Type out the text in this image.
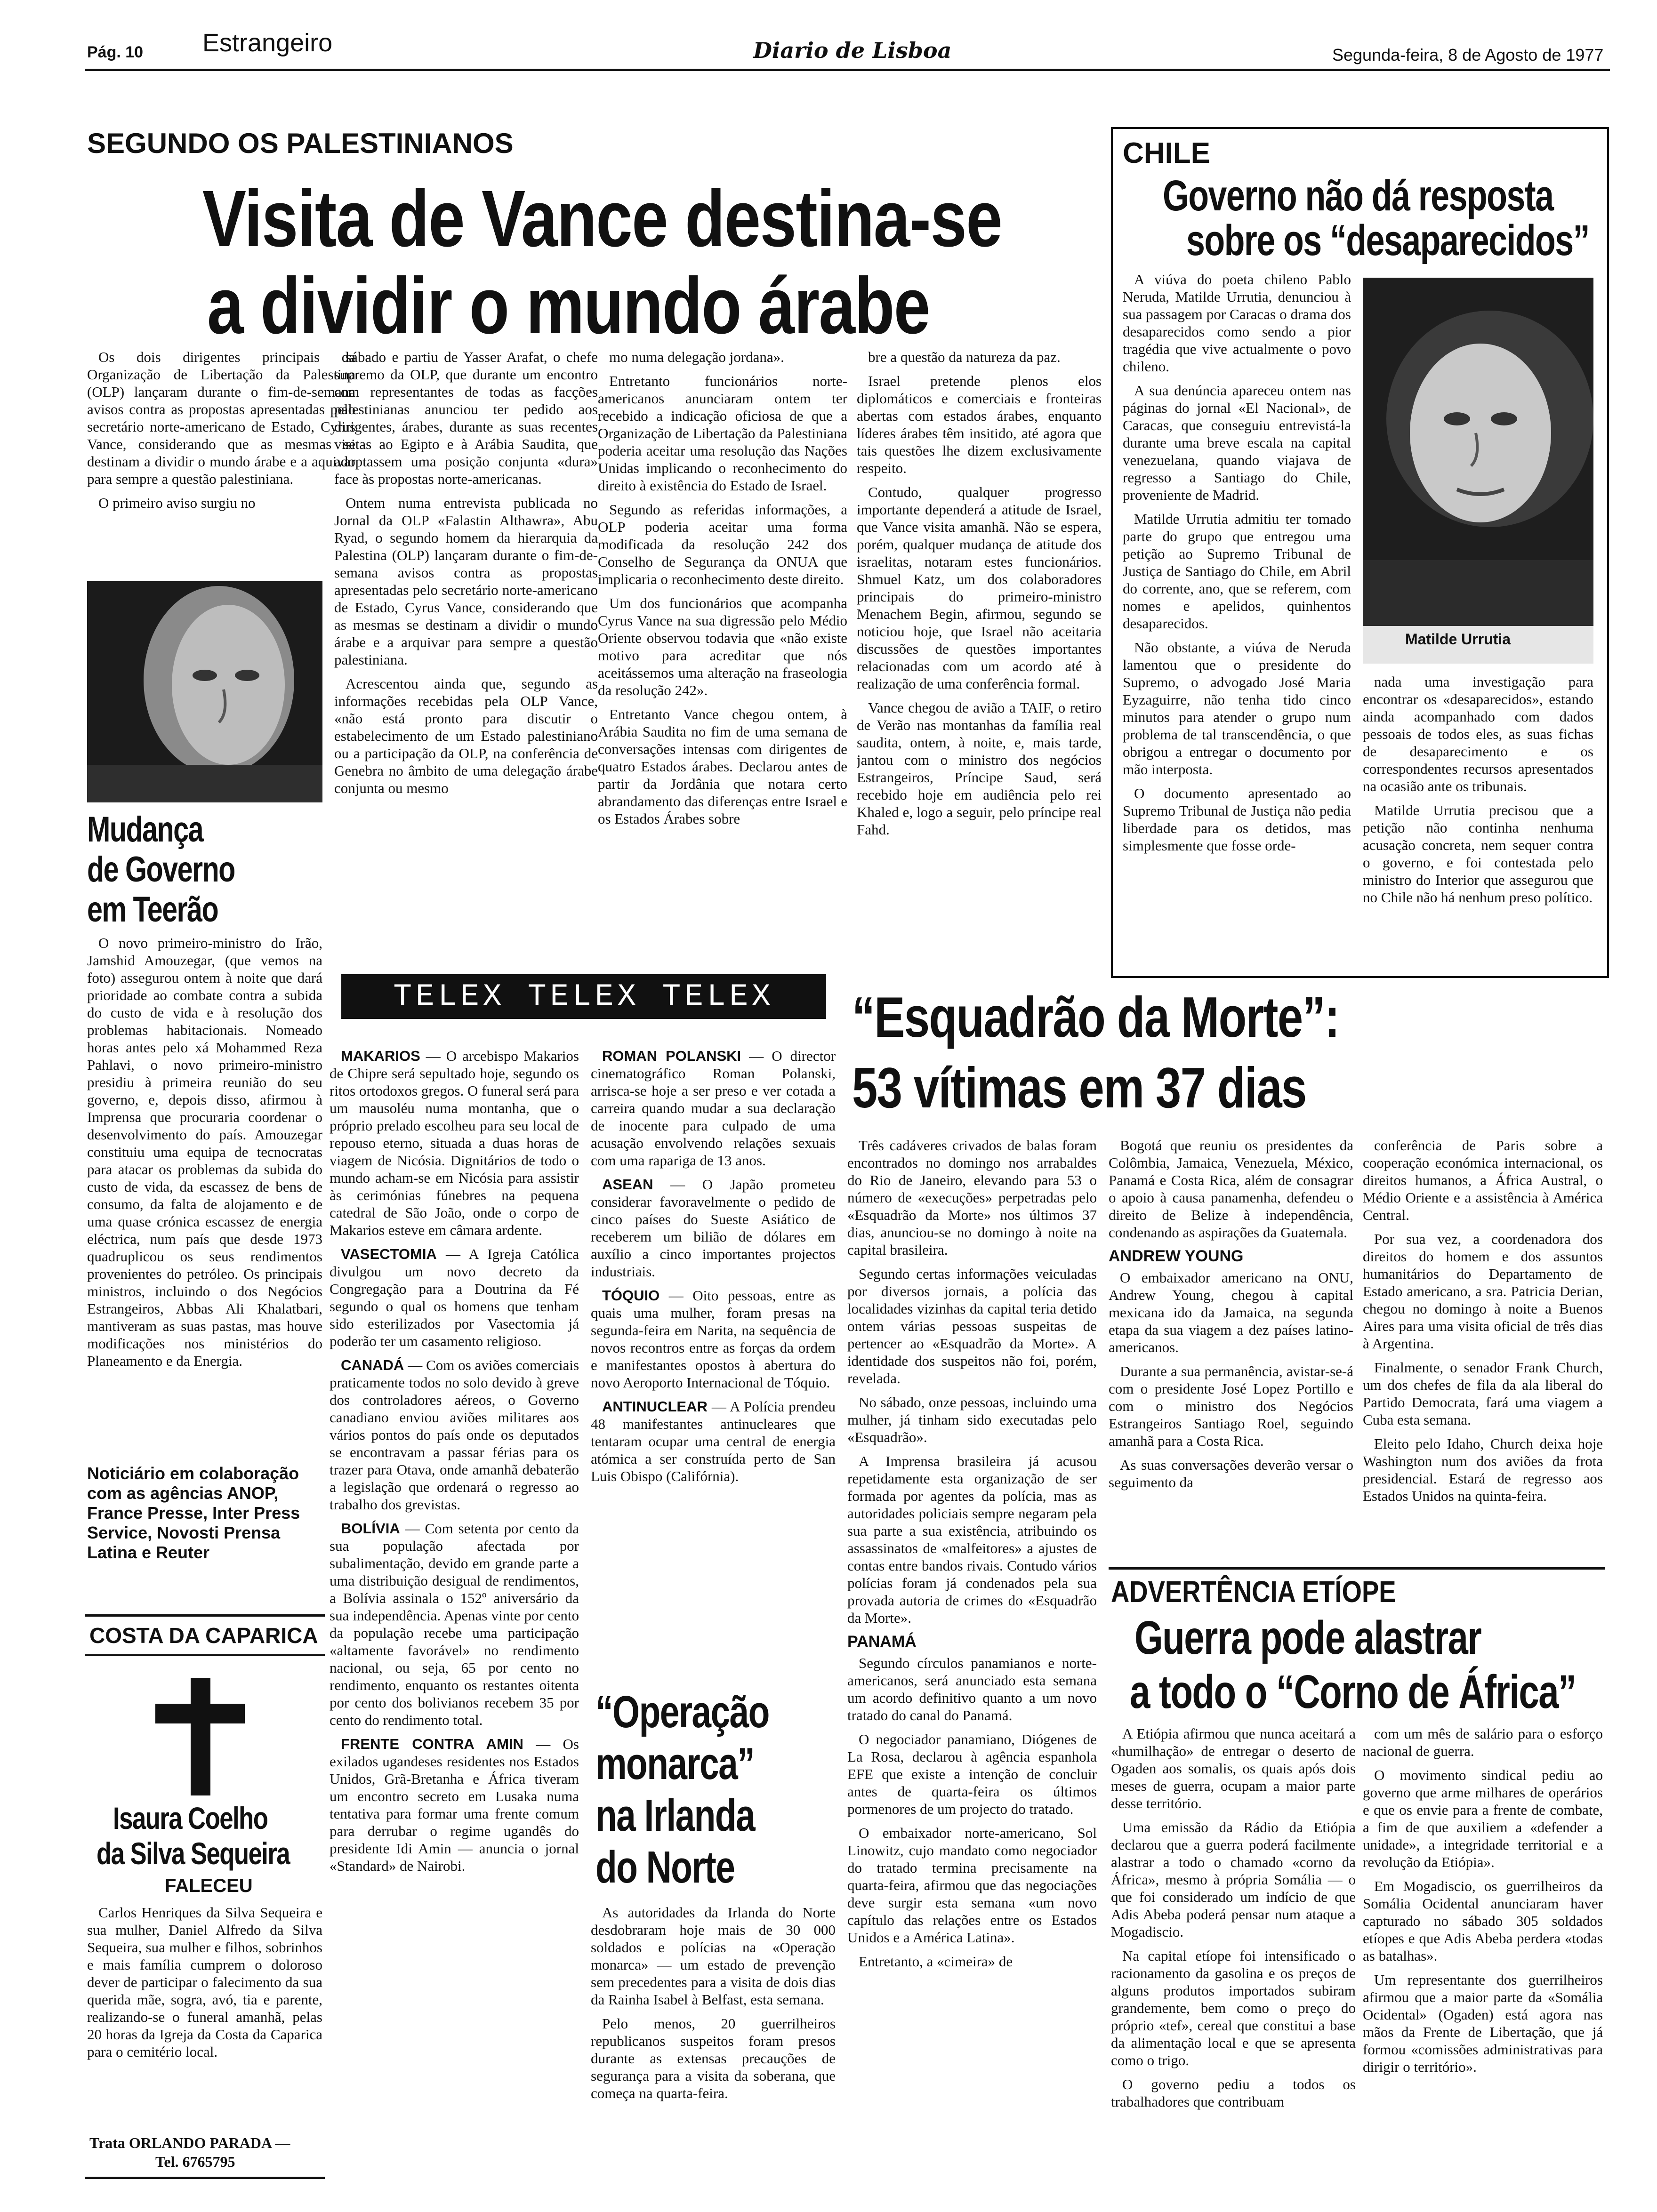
Pág. 10 Estrangeiro	Diario de Lisboa	Segunda-feira, 8 de Agosto de 1977
SEGUNDO OS PALESTINIANOS
Visita de Vance destina-se
a dividir o mundo árabe

Os dois dirigentes principais da Organização de Libertação da Palestina (OLP) lançaram durante o fim-de-semana avisos contra as propostas apresentadas pelo secretário norte-americano de Estado, Cyrus Vance, considerando que as mesmas se destinam a dividir o mundo árabe e a aquivar para sempre a questão palestiniana.

O primeiro aviso surgiu no

sábado e partiu de Yasser Arafat, o chefe supremo da OLP, que durante um encontro com representantes de todas as facções palestinianas anunciou ter pedido aos dirigentes, árabes, durante as suas recentes visitas ao Egipto e à Arábia Saudita, que adoptassem uma posição conjunta «dura» face às propostas norte-americanas.

Ontem numa entrevista publicada no Jornal da OLP «Falastin Althawra», Abu Ryad, o segundo homem da hierarquia da Palestina (OLP) lançaram durante o fim-de-semana avisos contra as propostas apresentadas pelo secretário norte-americano de Estado, Cyrus Vance, considerando que as mesmas se destinam a dividir o mundo árabe e a arquivar para sempre a questão palestiniana.

Acrescentou ainda que, segundo as informações recebidas pela OLP Vance, «não está pronto para discutir o estabelecimento de um Estado palestiniano ou a participação da OLP, na conferência de Genebra no âmbito de uma delegação árabe conjunta ou mesmo

mo numa delegação jordana».

Entretanto funcionários norte-americanos anunciaram ontem ter recebido a indicação oficiosa de que a Organização de Libertação da Palestiniana poderia aceitar uma resolução das Nações Unidas implicando o reconhecimento do direito à existência do Estado de Israel.

Segundo as referidas informações, a OLP poderia aceitar uma forma modificada da resolução 242 dos Conselho de Segurança da ONUA que implicaria o reconhecimento deste direito.

Um dos funcionários que acompanha Cyrus Vance na sua digressão pelo Médio Oriente observou todavia que «não existe motivo para acreditar que nós aceitássemos uma alteração na fraseologia da resolução 242».

Entretanto Vance chegou ontem, à Arábia Saudita no fim de uma semana de conversações intensas com dirigentes de quatro Estados árabes. Declarou antes de partir da Jordânia que notara certo abrandamento das diferenças entre Israel e os Estados Árabes sobre

bre a questão da natureza da paz.

Israel pretende plenos elos diplomáticos e comerciais e fronteiras abertas com estados árabes, enquanto líderes árabes têm insitido, até agora que tais questões lhe dizem exclusivamente respeito.

Contudo, qualquer progresso importante dependerá a atitude de Israel, que Vance visita amanhã. Não se espera, porém, qualquer mudança de atitude dos israelitas, notaram estes funcionários. Shmuel Katz, um dos colaboradores principais do primeiro-ministro Menachem Begin, afirmou, segundo se noticiou hoje, que Israel não aceitaria discussões de questões importantes relacionadas com um acordo até à realização de uma conferência formal.

Vance chegou de avião a TAIF, o retiro de Verão nas montanhas da família real saudita, ontem, à noite, e, mais tarde, jantou com o ministro dos negócios Estrangeiros, Príncipe Saud, será recebido hoje em audiência pelo rei Khaled e, logo a seguir, pelo príncipe real Fahd.

CHILE
Governo não dá resposta
sobre os “desaparecidos”

A viúva do poeta chileno Pablo Neruda, Matilde Urrutia, denunciou à sua passagem por Caracas o drama dos desaparecidos como sendo a pior tragédia que vive actualmente o povo chileno.

A sua denúncia apareceu ontem nas páginas do jornal «El Nacional», de Caracas, que conseguiu entrevistá-la durante uma breve escala na capital venezuelana, quando viajava de regresso a Santiago do Chile, proveniente de Madrid.

Matilde Urrutia admitiu ter tomado parte do grupo que entregou uma petição ao Supremo Tribunal de Justiça de Santiago do Chile, em Abril do corrente, ano, que se referem, com nomes e apelidos, quinhentos desaparecidos.

Não obstante, a viúva de Neruda lamentou que o presidente do Supremo, o advogado José Maria Eyzaguirre, não tenha tido cinco minutos para atender o grupo num problema de tal transcendência, o que obrigou a entregar o documento por mão interposta.

O documento apresentado ao Supremo Tribunal de Justiça não pedia liberdade para os detidos, mas simplesmente que fosse orde-

Matilde Urrutia

nada uma investigação para encontrar os «desaparecidos», estando ainda acompanhado com dados pessoais de todos eles, as suas fichas de desaparecimento e os correspondentes recursos apresentados na ocasião ante os tribunais.

Matilde Urrutia precisou que a petição não continha nenhuma acusação concreta, nem sequer contra o governo, e foi contestada pelo ministro do Interior que assegurou que no Chile não há nenhum preso político.

Mudança
de Governo
em Teerão

O novo primeiro-ministro do Irão, Jamshid Amouzegar, (que vemos na foto) assegurou ontem à noite que dará prioridade ao combate contra a subida do custo de vida e à resolução dos problemas habitacionais. Nomeado horas antes pelo xá Mohammed Reza Pahlavi, o novo primeiro-ministro presidiu à primeira reunião do seu governo, e, depois disso, afirmou à Imprensa que procuraria coordenar o desenvolvimento do país. Amouzegar constituiu uma equipa de tecnocratas para atacar os problemas da subida do custo de vida, da escassez de bens de consumo, da falta de alojamento e de uma quase crónica escassez de energia eléctrica, num país que desde 1973 quadruplicou os seus rendimentos provenientes do petróleo. Os principais ministros, incluindo o dos Negócios Estrangeiros, Abbas Ali Khalatbari, mantiveram as suas pastas, mas houve modificações nos ministérios do Planeamento e da Energia.

Noticiário em colaboração com as agências ANOP, France Presse, Inter Press Service, Novosti Prensa Latina e Reuter
COSTA DA CAPARICA
Isaura Coelho
da Silva Sequeira
FALECEU

Carlos Henriques da Silva Sequeira e sua mulher, Daniel Alfredo da Silva Sequeira, sua mulher e filhos, sobrinhos e mais família cumprem o doloroso dever de participar o falecimento da sua querida mãe, sogra, avó, tia e parente, realizando-se o funeral amanhã, pelas 20 horas da Igreja da Costa da Caparica para o cemitério local.

Trata ORLANDO PARADA —
Tel. 6765795
TELEX TELEX TELEX

MAKARIOS — O arcebispo Makarios de Chipre será sepultado hoje, segundo os ritos ortodoxos gregos. O funeral será para um mausoléu numa montanha, que o próprio prelado escolheu para seu local de repouso eterno, situada a duas horas de viagem de Nicósia. Dignitários de todo o mundo acham-se em Nicósia para assistir às cerimónias fúnebres na pequena catedral de São João, onde o corpo de Makarios esteve em câmara ardente.

VASECTOMIA — A Igreja Católica divulgou um novo decreto da Congregação para a Doutrina da Fé segundo o qual os homens que tenham sido esterilizados por Vasectomia já poderão ter um casamento religioso.

CANADÁ — Com os aviões comerciais praticamente todos no solo devido à greve dos controladores aéreos, o Governo canadiano enviou aviões militares aos vários pontos do país onde os deputados se encontravam a passar férias para os trazer para Otava, onde amanhã debaterão a legislação que ordenará o regresso ao trabalho dos grevistas.

BOLÍVIA — Com setenta por cento da sua população afectada por subalimentação, devido em grande parte a uma distribuição desigual de rendimentos, a Bolívia assinala o 152º aniversário da sua independência. Apenas vinte por cento da população recebe uma participação «altamente favorável» no rendimento nacional, ou seja, 65 por cento no rendimento, enquanto os restantes oitenta por cento dos bolivianos recebem 35 por cento do rendimento total.

FRENTE CONTRA AMIN — Os exilados ugandeses residentes nos Estados Unidos, Grã-Bretanha e África tiveram um encontro secreto em Lusaka numa tentativa para formar uma frente comum para derrubar o regime ugandês do presidente Idi Amin — anuncia o jornal «Standard» de Nairobi.

ROMAN POLANSKI — O director cinematográfico Roman Polanski, arrisca-se hoje a ser preso e ver cotada a carreira quando mudar a sua declaração de inocente para culpado de uma acusação envolvendo relações sexuais com uma rapariga de 13 anos.

ASEAN — O Japão prometeu considerar favoravelmente o pedido de cinco países do Sueste Asiático de receberem um bilião de dólares em auxílio a cinco importantes projectos industriais.

TÓQUIO — Oito pessoas, entre as quais uma mulher, foram presas na segunda-feira em Narita, na sequência de novos recontros entre as forças da ordem e manifestantes opostos à abertura do novo Aeroporto Internacional de Tóquio.

ANTINUCLEAR — A Polícia prendeu 48 manifestantes antinucleares que tentaram ocupar uma central de energia atómica a ser construída perto de San Luis Obispo (Califórnia).

“Operação
monarca”
na Irlanda
do Norte

As autoridades da Irlanda do Norte desdobraram hoje mais de 30 000 soldados e polícias na «Operação monarca» — um estado de prevenção sem precedentes para a visita de dois dias da Rainha Isabel à Belfast, esta semana.

Pelo menos, 20 guerrilheiros republicanos suspeitos foram presos durante as extensas precauções de segurança para a visita da soberana, que começa na quarta-feira.

“Esquadrão da Morte”:
53 vítimas em 37 dias

Três cadáveres crivados de balas foram encontrados no domingo nos arrabaldes do Rio de Janeiro, elevando para 53 o número de «execuções» perpetradas pelo «Esquadrão da Morte» nos últimos 37 dias, anunciou-se no domingo à noite na capital brasileira.

Segundo certas informações veiculadas por diversos jornais, a polícia das localidades vizinhas da capital teria detido ontem várias pessoas suspeitas de pertencer ao «Esquadrão da Morte». A identidade dos suspeitos não foi, porém, revelada.

No sábado, onze pessoas, incluindo uma mulher, já tinham sido executadas pelo «Esquadrão».

A Imprensa brasileira já acusou repetidamente esta organização de ser formada por agentes da polícia, mas as autoridades policiais sempre negaram pela sua parte a sua existência, atribuindo os assassinatos de «malfeitores» a ajustes de contas entre bandos rivais. Contudo vários polícias foram já condenados pela sua provada autoria de crimes do «Esquadrão da Morte».

PANAMÁ

Segundo círculos panamianos e norte-americanos, será anunciado esta semana um acordo definitivo quanto a um novo tratado do canal do Panamá.

O negociador panamiano, Diógenes de La Rosa, declarou à agência espanhola EFE que existe a intenção de concluir antes de quarta-feira os últimos pormenores de um projecto do tratado.

O embaixador norte-americano, Sol Linowitz, cujo mandato como negociador do tratado termina precisamente na quarta-feira, afirmou que das negociações deve surgir esta semana «um novo capítulo das relações entre os Estados Unidos e a América Latina».

Entretanto, a «cimeira» de

Bogotá que reuniu os presidentes da Colômbia, Jamaica, Venezuela, México, Panamá e Costa Rica, além de consagrar o apoio à causa panamenha, defendeu o direito de Belize à independência, condenando as aspirações da Guatemala.

ANDREW YOUNG

O embaixador americano na ONU, Andrew Young, chegou à capital mexicana ido da Jamaica, na segunda etapa da sua viagem a dez países latino-americanos.

Durante a sua permanência, avistar-se-á com o presidente José Lopez Portillo e com o ministro dos Negócios Estrangeiros Santiago Roel, seguindo amanhã para a Costa Rica.

As suas conversações deverão versar o seguimento da

conferência de Paris sobre a cooperação económica internacional, os direitos humanos, a África Austral, o Médio Oriente e a assistência à América Central.

Por sua vez, a coordenadora dos direitos do homem e dos assuntos humanitários do Departamento de Estado americano, a sra. Patricia Derian, chegou no domingo à noite a Buenos Aires para uma visita oficial de três dias à Argentina.

Finalmente, o senador Frank Church, um dos chefes de fila da ala liberal do Partido Democrata, fará uma viagem a Cuba esta semana.

Eleito pelo Idaho, Church deixa hoje Washington num dos aviões da frota presidencial. Estará de regresso aos Estados Unidos na quinta-feira.

ADVERTÊNCIA ETÍOPE
Guerra pode alastrar
a todo o “Corno de África”

A Etiópia afirmou que nunca aceitará a «humilhação» de entregar o deserto de Ogaden aos somalis, os quais após dois meses de guerra, ocupam a maior parte desse território.

Uma emissão da Rádio da Etiópia declarou que a guerra poderá facilmente alastrar a todo o chamado «corno da África», mesmo à própria Somália — o que foi considerado um indício de que Adis Abeba poderá pensar num ataque a Mogadiscio.

Na capital etíope foi intensificado o racionamento da gasolina e os preços de alguns produtos importados subiram grandemente, bem como o preço do próprio «tef», cereal que constitui a base da alimentação local e que se apresenta como o trigo.

O governo pediu a todos os trabalhadores que contribuam

com um mês de salário para o esforço nacional de guerra.

O movimento sindical pediu ao governo que arme milhares de operários e que os envie para a frente de combate, a fim de que auxiliem a «defender a unidade», a integridade territorial e a revolução da Etiópia».

Em Mogadiscio, os guerrilheiros da Somália Ocidental anunciaram haver capturado no sábado 305 soldados etíopes e que Adis Abeba perdera «todas as batalhas».

Um representante dos guerrilheiros afirmou que a maior parte da «Somália Ocidental» (Ogaden) está agora nas mãos da Frente de Libertação, que já formou «comissões administrativas para dirigir o território».
